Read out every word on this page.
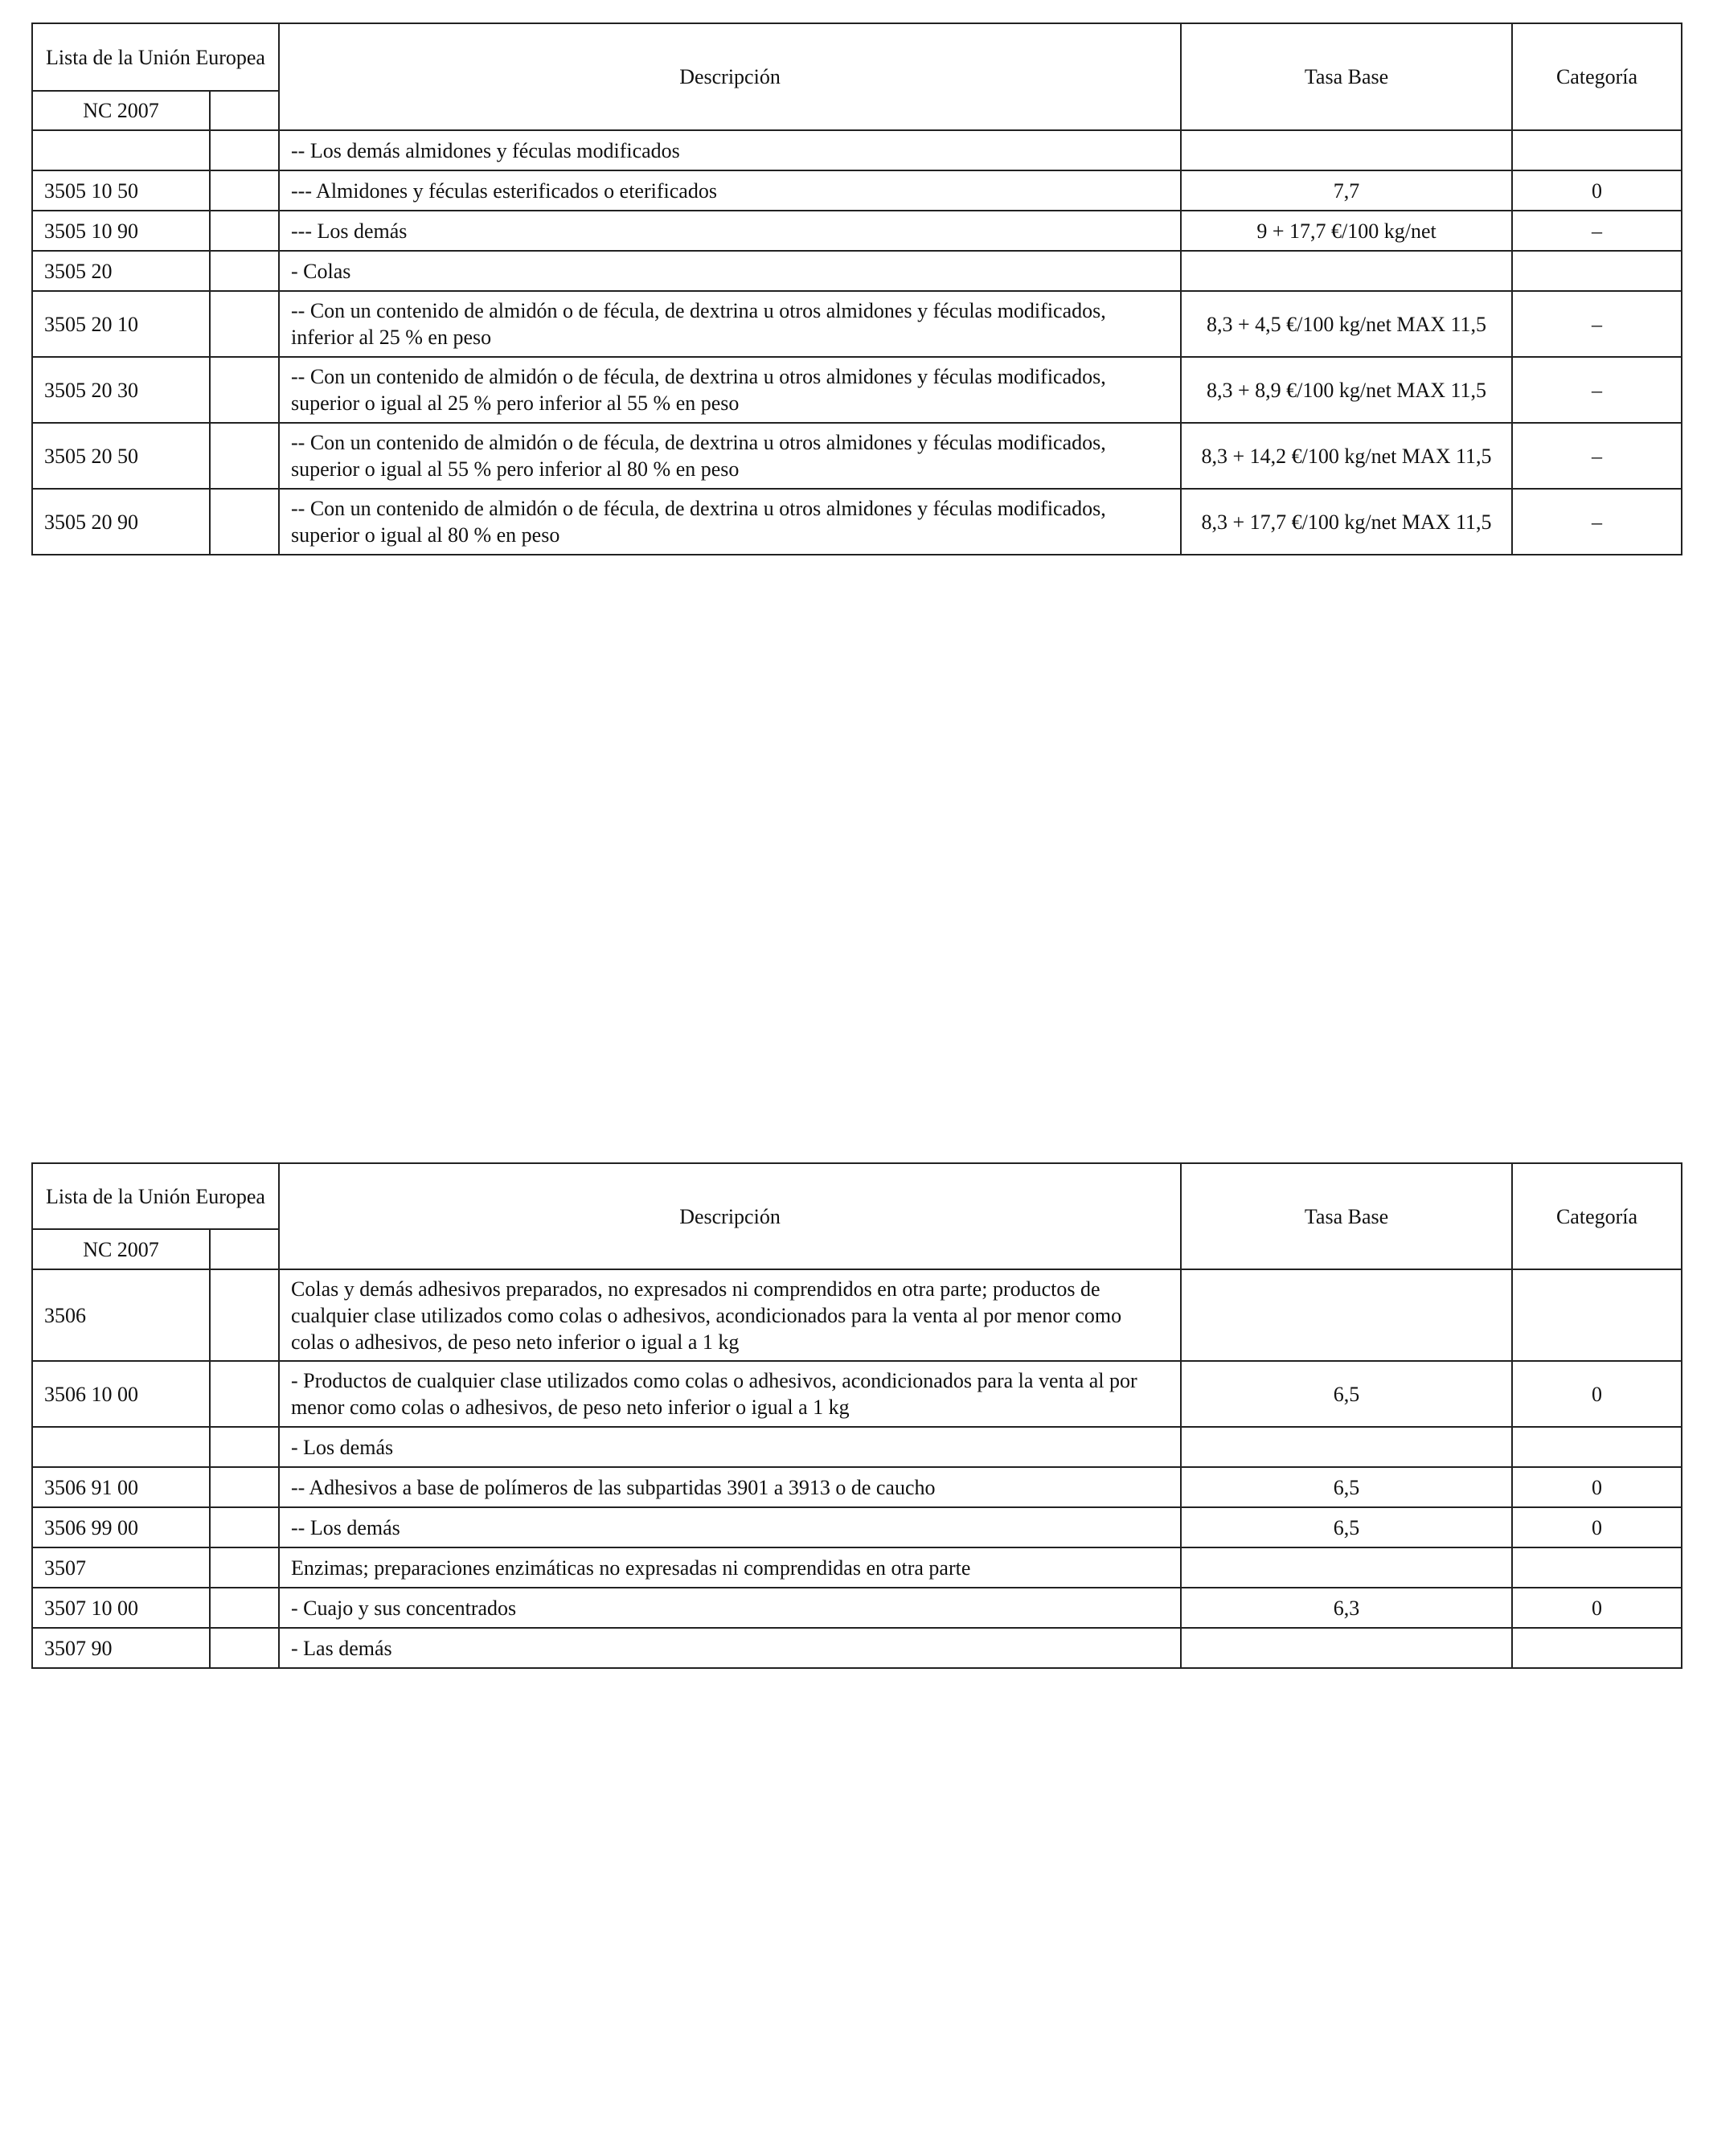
Lista de la Unión Europea		Descripción	Tasa Base	Categoría
NC 2007				
		-- Los demás almidones y féculas modificados		
3505 10 50		--- Almidones y féculas esterificados o eterificados	7,7	0
3505 10 90		--- Los demás	9 + 17,7 €/100 kg/net	–
3505 20		- Colas		
3505 20 10		-- Con un contenido de almidón o de fécula, de dextrina u otros almidones y féculas modificados, inferior al 25 % en peso	8,3 + 4,5 €/100 kg/net MAX 11,5	–
3505 20 30		-- Con un contenido de almidón o de fécula, de dextrina u otros almidones y féculas modificados, superior o igual al 25 % pero inferior al 55 % en peso	8,3 + 8,9 €/100 kg/net MAX 11,5	–
3505 20 50		-- Con un contenido de almidón o de fécula, de dextrina u otros almidones y féculas modificados, superior o igual al 55 % pero inferior al 80 % en peso	8,3 + 14,2 €/100 kg/net MAX 11,5	–
3505 20 90		-- Con un contenido de almidón o de fécula, de dextrina u otros almidones y féculas modificados, superior o igual al 80 % en peso	8,3 + 17,7 €/100 kg/net MAX 11,5	–
Lista de la Unión Europea		Descripción	Tasa Base	Categoría
NC 2007				
3506		Colas y demás adhesivos preparados, no expresados ni comprendidos en otra parte; productos de cualquier clase utilizados como colas o adhesivos, acondicionados para la venta al por menor como colas o adhesivos, de peso neto inferior o igual a 1 kg		
3506 10 00		- Productos de cualquier clase utilizados como colas o adhesivos, acondicionados para la venta al por menor como colas o adhesivos, de peso neto inferior o igual a 1 kg	6,5	0
		- Los demás		
3506 91 00		-- Adhesivos a base de polímeros de las subpartidas 3901 a 3913 o de caucho	6,5	0
3506 99 00		-- Los demás	6,5	0
3507		Enzimas; preparaciones enzimáticas no expresadas ni comprendidas en otra parte		
3507 10 00		- Cuajo y sus concentrados	6,3	0
3507 90		- Las demás		
